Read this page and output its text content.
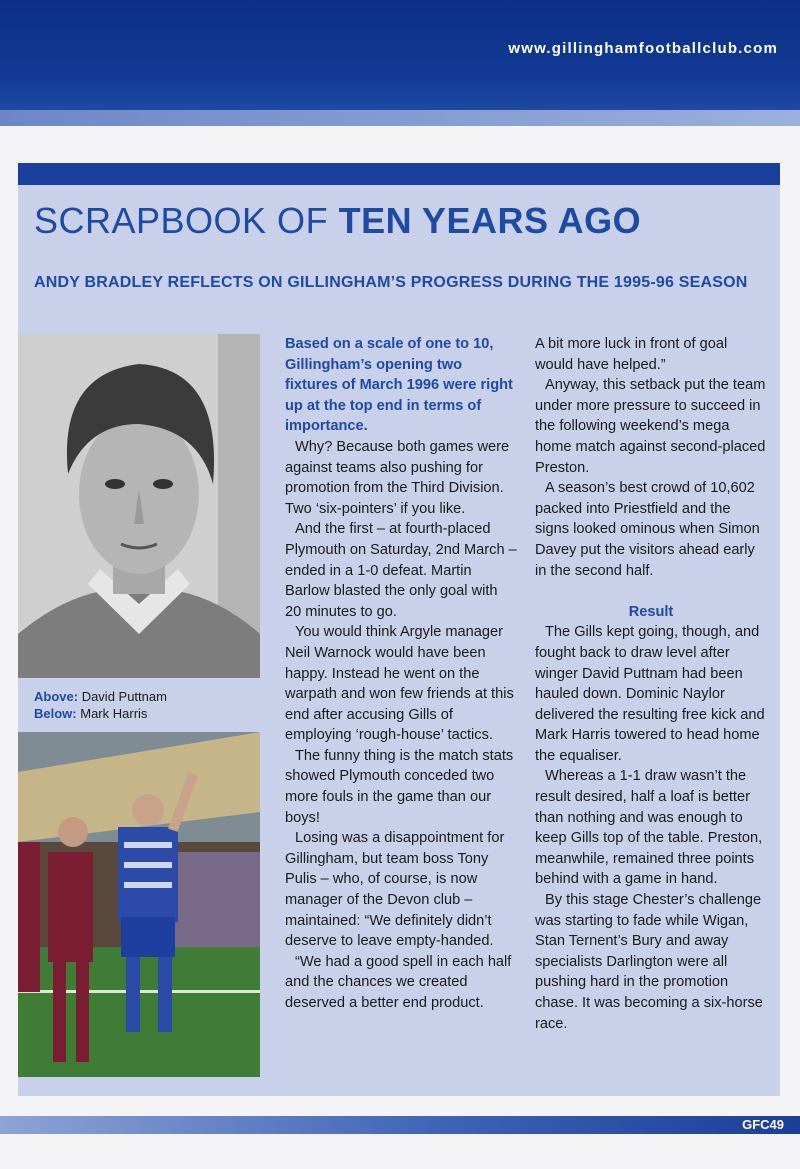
www.gillinghamfootballclub.com
SCRAPBOOK OF TEN YEARS AGO
ANDY BRADLEY REFLECTS ON GILLINGHAM’S PROGRESS DURING THE 1995-96 SEASON
Above: David Puttnam
Below: Mark Harris

Based on a scale of one to 10, Gillingham’s opening two fixtures of March 1996 were right up at the top end in terms of importance.

Why? Because both games were against teams also pushing for promotion from the Third Division. Two ‘six-pointers’ if you like.

And the first – at fourth-placed Plymouth on Saturday, 2nd March – ended in a 1-0 defeat. Martin Barlow blasted the only goal with 20 minutes to go.

You would think Argyle manager Neil Warnock would have been happy. Instead he went on the warpath and won few friends at this end after accusing Gills of employing ‘rough-house’ tactics.

The funny thing is the match stats showed Plymouth conceded two more fouls in the game than our boys!

Losing was a disappointment for Gillingham, but team boss Tony Pulis – who, of course, is now manager of the Devon club – maintained: “We definitely didn’t deserve to leave empty-handed.

“We had a good spell in each half and the chances we created deserved a better end product.

A bit more luck in front of goal would have helped.”

Anyway, this setback put the team under more pressure to succeed in the following weekend’s mega home match against second-placed Preston.

A season’s best crowd of 10,602 packed into Priestfield and the signs looked ominous when Simon Davey put the visitors ahead early in the second half.

Result

The Gills kept going, though, and fought back to draw level after winger David Puttnam had been hauled down. Dominic Naylor delivered the resulting free kick and Mark Harris towered to head home the equaliser.

Whereas a 1-1 draw wasn’t the result desired, half a loaf is better than nothing and was enough to keep Gills top of the table. Preston, meanwhile, remained three points behind with a game in hand.

By this stage Chester’s challenge was starting to fade while Wigan, Stan Ternent’s Bury and away specialists Darlington were all pushing hard in the promotion chase. It was becoming a six-horse race.

GFC49
